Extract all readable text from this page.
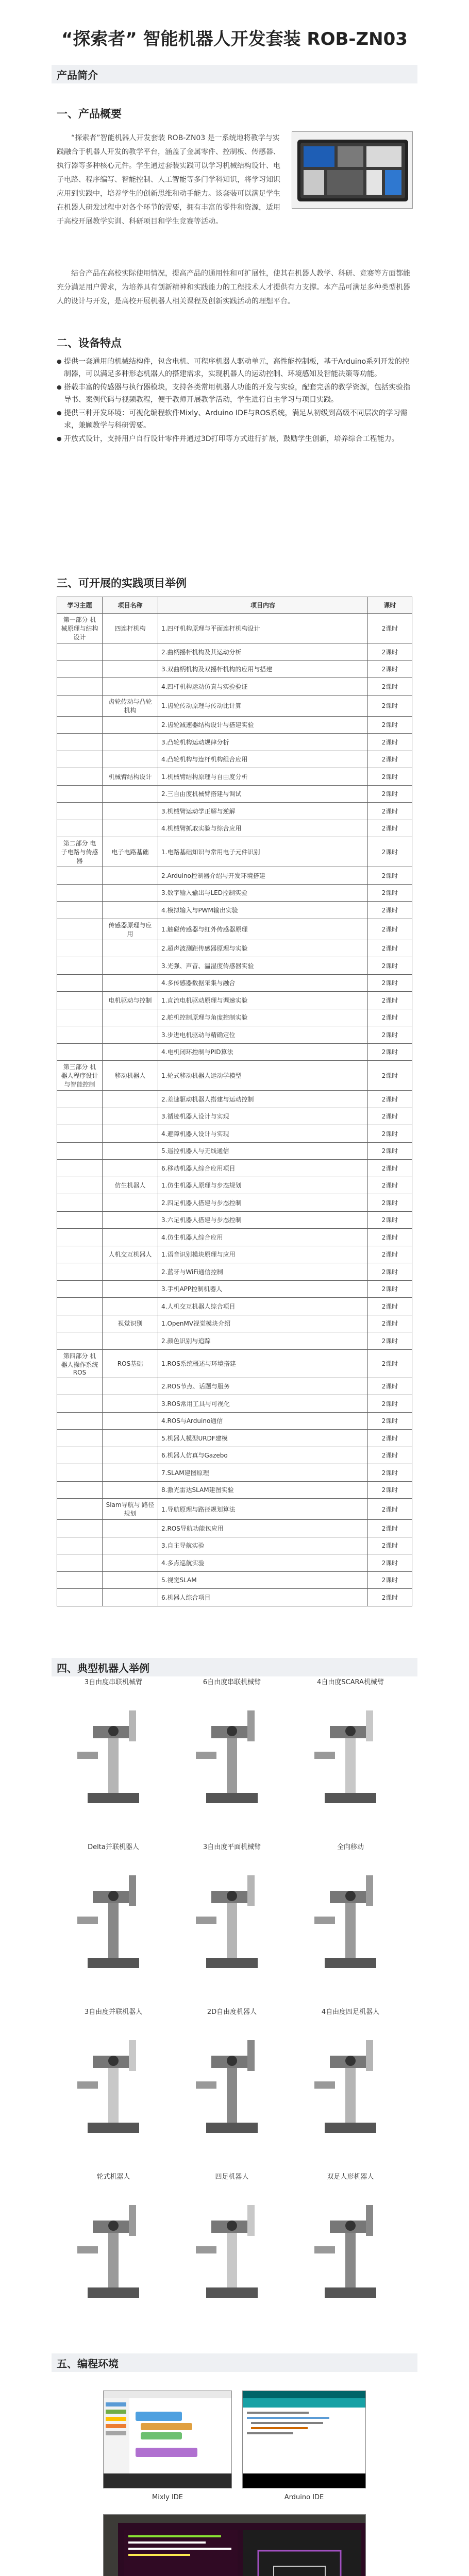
“探索者” 智能机器人开发套装 ROB-ZN03
产品简介
一、产品概要
“探索者”智能机器人开发套装 ROB-ZN03 是一系统地将教学与实践融合于机器人开发的教学平台，涵盖了金属零件、控制板、传感器、执行器等多种核心元件。学生通过套装实践可以学习机械结构设计、电子电路、程序编写、智能控制、人工智能等多门学科知识，将学习知识应用到实践中，培养学生的创新思维和动手能力。该套装可以满足学生在机器人研发过程中对各个环节的需要，拥有丰富的零件和资源，适用于高校开展教学实训、科研项目和学生竞赛等活动。
结合产品在高校实际使用情况，提高产品的通用性和可扩展性，使其在机器人教学、科研、竞赛等方面都能充分满足用户需求，为培养具有创新精神和实践能力的工程技术人才提供有力支撑。本产品可满足多种类型机器人的设计与开发，是高校开展机器人相关课程及创新实践活动的理想平台。
二、设备特点
● 提供一套通用的机械结构件，包含电机、可程序机器人驱动单元，高性能控制板，基于Arduino系列开发的控制器，可以满足多种形态机器人的搭建需求，实现机器人的运动控制、环境感知及智能决策等功能。
● 搭载丰富的传感器与执行器模块，支持各类常用机器人功能的开发与实验，配套完善的教学资源，包括实验指导书、案例代码与视频教程，便于教师开展教学活动，学生进行自主学习与项目实践。
● 提供三种开发环境：可视化编程软件Mixly、Arduino IDE与ROS系统，满足从初级到高级不同层次的学习需求，兼顾教学与科研需要。
● 开放式设计，支持用户自行设计零件并通过3D打印等方式进行扩展，鼓励学生创新，培养综合工程能力。
三、可开展的实践项目举例
学习主题	项目名称	项目内容	课时
第一部分 机械原理与结构设计	四连杆机构	1.四杆机构原理与平面连杆机构设计	2课时
		2.曲柄摇杆机构及其运动分析	2课时
		3.双曲柄机构及双摇杆机构的应用与搭建	2课时
		4.四杆机构运动仿真与实验验证	2课时
	齿轮传动与凸轮机构	1.齿轮传动原理与传动比计算	2课时
		2.齿轮减速器结构设计与搭建实验	2课时
		3.凸轮机构运动规律分析	2课时
		4.凸轮机构与连杆机构组合应用	2课时
	机械臂结构设计	1.机械臂结构原理与自由度分析	2课时
		2.三自由度机械臂搭建与调试	2课时
		3.机械臂运动学正解与逆解	2课时
		4.机械臂抓取实验与综合应用	2课时
第二部分 电子电路与传感器	电子电路基础	1.电路基础知识与常用电子元件识别	2课时
		2.Arduino控制器介绍与开发环境搭建	2课时
		3.数字输入输出与LED控制实验	2课时
		4.模拟输入与PWM输出实验	2课时
	传感器原理与应用	1.触碰传感器与红外传感器原理	2课时
		2.超声波测距传感器原理与实验	2课时
		3.光强、声音、温湿度传感器实验	2课时
		4.多传感器数据采集与融合	2课时
	电机驱动与控制	1.直流电机驱动原理与调速实验	2课时
		2.舵机控制原理与角度控制实验	2课时
		3.步进电机驱动与精确定位	2课时
		4.电机闭环控制与PID算法	2课时
第三部分 机器人程序设计与智能控制	移动机器人	1.轮式移动机器人运动学模型	2课时
		2.差速驱动机器人搭建与运动控制	2课时
		3.循迹机器人设计与实现	2课时
		4.避障机器人设计与实现	2课时
		5.遥控机器人与无线通信	2课时
		6.移动机器人综合应用项目	2课时
	仿生机器人	1.仿生机器人原理与步态规划	2课时
		2.四足机器人搭建与步态控制	2课时
		3.六足机器人搭建与步态控制	2课时
		4.仿生机器人综合应用	2课时
	人机交互机器人	1.语音识别模块原理与应用	2课时
		2.蓝牙与WiFi通信控制	2课时
		3.手机APP控制机器人	2课时
		4.人机交互机器人综合项目	2课时
	视觉识别	1.OpenMV视觉模块介绍	2课时
		2.颜色识别与追踪	2课时
第四部分 机器人操作系统ROS	ROS基础	1.ROS系统概述与环境搭建	2课时
		2.ROS节点、话题与服务	2课时
		3.ROS常用工具与可视化	2课时
		4.ROS与Arduino通信	2课时
		5.机器人模型URDF建模	2课时
		6.机器人仿真与Gazebo	2课时
		7.SLAM建图原理	2课时
		8.激光雷达SLAM建图实验	2课时
	Slam导航与 路径规划	1.导航原理与路径规划算法	2课时
		2.ROS导航功能包应用	2课时
		3.自主导航实验	2课时
		4.多点巡航实验	2课时
		5.视觉SLAM	2课时
		6.机器人综合项目	2课时
四、典型机器人举例
3自由度串联机械臂	6自由度串联机械臂	4自由度SCARA机械臂
Delta并联机器人	3自由度平面机械臂	全向移动
3自由度并联机器人	2D自由度机器人	4自由度四足机器人
轮式机器人	四足机器人	双足人形机器人
五、编程环境
Mixly IDE	Arduino IDE
